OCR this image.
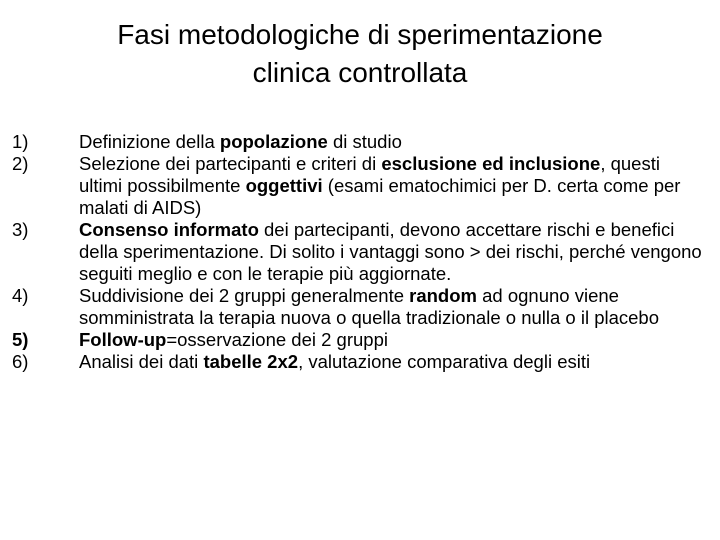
Fasi metodologiche di sperimentazione
clinica controllata
1)	Definizione della popolazione di studio
2)	Selezione dei partecipanti e criteri di esclusione ed inclusione, questi ultimi possibilmente oggettivi (esami ematochimici per D. certa come per malati di AIDS)
3)	Consenso informato dei partecipanti, devono accettare rischi e benefici della sperimentazione. Di solito i vantaggi sono > dei rischi, perché vengono seguiti meglio e con le terapie più aggiornate.
4)	Suddivisione dei 2 gruppi generalmente random ad ognuno viene somministrata la terapia nuova o quella tradizionale o nulla o il placebo
5)	Follow-up=osservazione dei 2 gruppi
6)	Analisi dei dati tabelle 2x2, valutazione comparativa degli esiti
